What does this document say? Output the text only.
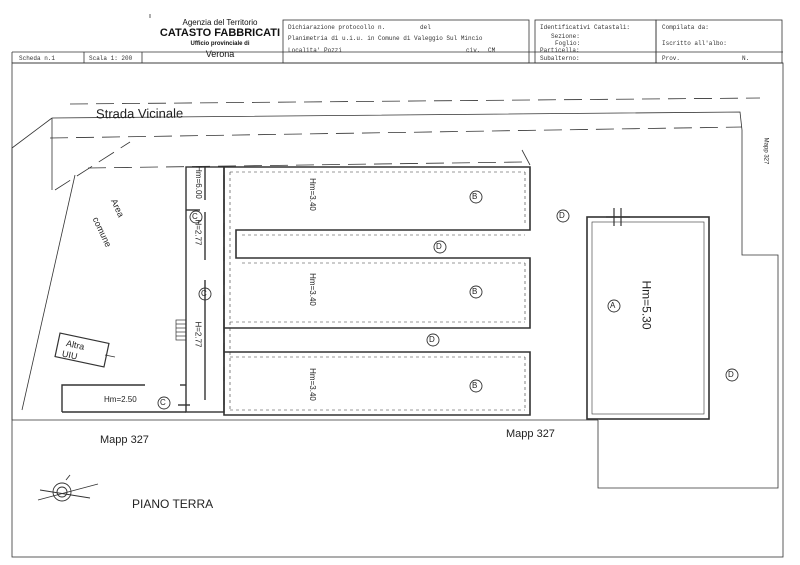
Agenzia del Territorio
CATASTO FABBRICATI
Ufficio provinciale di
Verona
Scheda n.1	Scala 1: 200
Dichiarazione protocollo n.	del
Planimetria di u.i.u. in Comune di Valeggio Sul Mincio
Localita' Pozzi	civ. CM
Identificativi Catastali:
Sezione:
Foglio:
Particella:
Subalterno:
Compilata da:
Iscritto all'albo:
Prov.	N.
Strada Vicinale
Area
comune
Altra
UIU
Mapp 327	Mapp 327
Mapp 327
PIANO TERRA
Hm=6.00
H=2.77
H=2.77
Hm=2.50
Hm=3.40
Hm=3.40
Hm=3.40
Hm=5.30
B
B
B
C
C
C
D
D
D
D
A
